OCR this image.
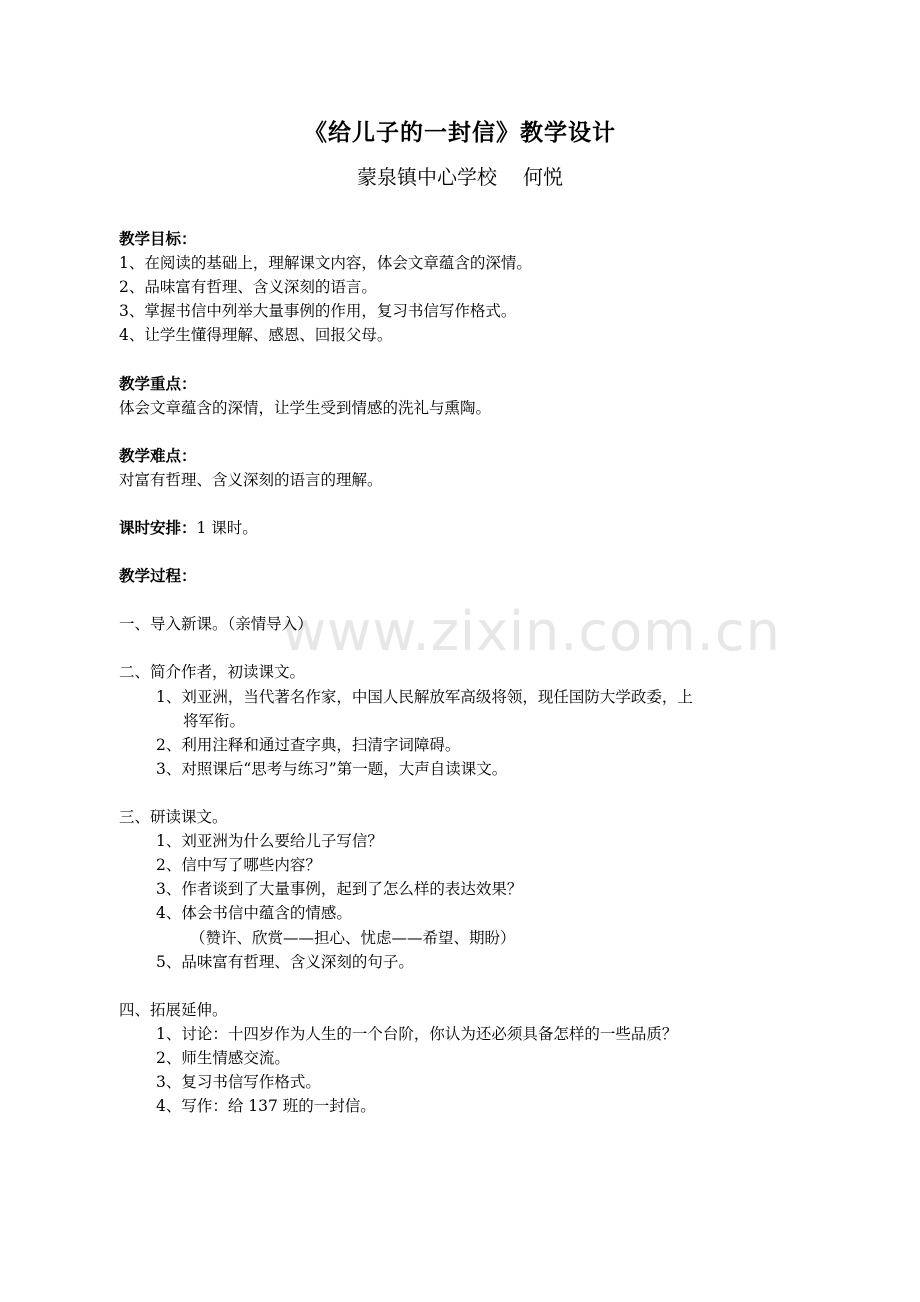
www.zixin.com.cn
《给儿子的一封信》教学设计
蒙泉镇中心学校 何悦
教学目标：
1、在阅读的基础上，理解课文内容，体会文章蕴含的深情。
2、品味富有哲理、含义深刻的语言。
3、掌握书信中列举大量事例的作用，复习书信写作格式。
4、让学生懂得理解、感恩、回报父母。
教学重点：
体会文章蕴含的深情，让学生受到情感的洗礼与熏陶。
教学难点：
对富有哲理、含义深刻的语言的理解。
课时安排：1 课时。
教学过程：
一、导入新课。（亲情导入）
二、简介作者，初读课文。
1、刘亚洲，当代著名作家，中国人民解放军高级将领，现任国防大学政委，上
将军衔。
2、利用注释和通过查字典，扫清字词障碍。
3、对照课后“思考与练习”第一题，大声自读课文。
三、研读课文。
1、刘亚洲为什么要给儿子写信？
2、信中写了哪些内容？
3、作者谈到了大量事例，起到了怎么样的表达效果？
4、体会书信中蕴含的情感。
（赞许、欣赏——担心、忧虑——希望、期盼）
5、品味富有哲理、含义深刻的句子。
四、拓展延伸。
1、讨论：十四岁作为人生的一个台阶，你认为还必须具备怎样的一些品质？
2、师生情感交流。
3、复习书信写作格式。
4、写作：给 137 班的一封信。
